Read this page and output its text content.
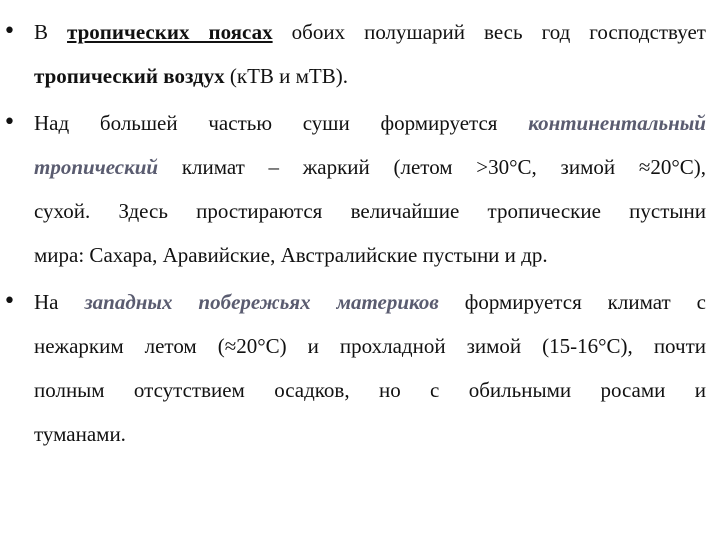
• В тропических поясах обоих полушарий весь год господствует
тропический воздух (кТВ и мТВ).
• Над большей частью суши формируется континентальный
тропический климат – жаркий (летом >30°С, зимой ≈20°С),
сухой. Здесь простираются величайшие тропические пустыни
мира: Сахара, Аравийские, Австралийские пустыни и др.
• На западных побережьях материков формируется климат с
нежарким летом (≈20°С) и прохладной зимой (15-16°С), почти
полным отсутствием осадков, но с обильными росами и
туманами.
